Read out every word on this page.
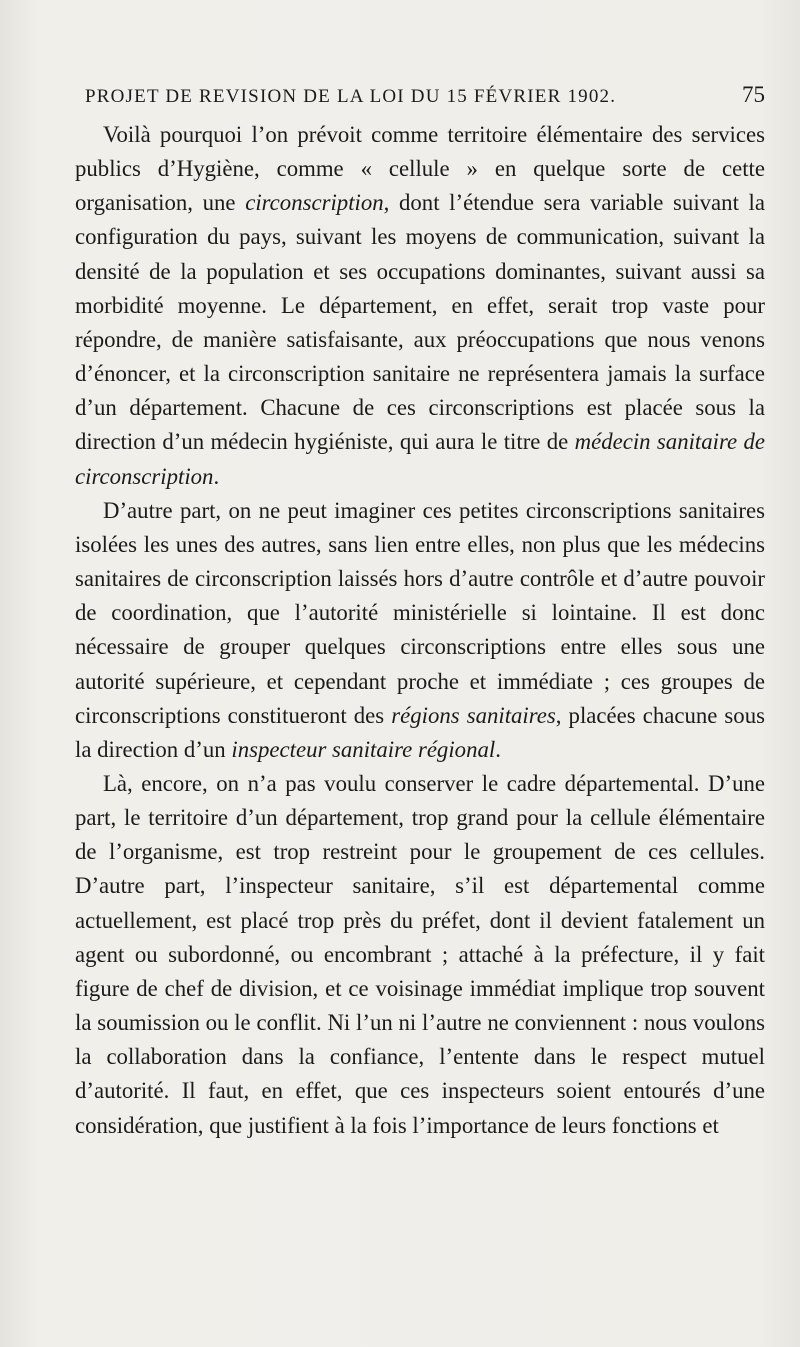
PROJET DE REVISION DE LA LOI DU 15 FÉVRIER 1902.	75

Voilà pourquoi l’on prévoit comme territoire élémentaire des services publics d’Hygiène, comme « cellule » en quelque sorte de cette organisation, une circonscription, dont l’étendue sera variable suivant la configuration du pays, suivant les moyens de communication, suivant la densité de la population et ses occupations dominantes, suivant aussi sa morbidité moyenne. Le département, en effet, serait trop vaste pour répondre, de manière satisfaisante, aux préoccupations que nous venons d’énoncer, et la circonscription sanitaire ne représentera jamais la surface d’un département. Chacune de ces circonscriptions est placée sous la direction d’un médecin hygiéniste, qui aura le titre de médecin sanitaire de circonscription.

D’autre part, on ne peut imaginer ces petites circonscriptions sanitaires isolées les unes des autres, sans lien entre elles, non plus que les médecins sanitaires de circonscription laissés hors d’autre contrôle et d’autre pouvoir de coordination, que l’autorité ministérielle si lointaine. Il est donc nécessaire de grouper quelques circonscriptions entre elles sous une autorité supérieure, et cependant proche et immédiate ; ces groupes de circonscriptions constitueront des régions sanitaires, placées chacune sous la direction d’un inspecteur sanitaire régional.

Là, encore, on n’a pas voulu conserver le cadre départemental. D’une part, le territoire d’un département, trop grand pour la cellule élémentaire de l’organisme, est trop restreint pour le groupement de ces cellules. D’autre part, l’inspecteur sanitaire, s’il est départemental comme actuellement, est placé trop près du préfet, dont il devient fatalement un agent ou subordonné, ou encombrant ; attaché à la préfecture, il y fait figure de chef de division, et ce voisinage immédiat implique trop souvent la soumission ou le conflit. Ni l’un ni l’autre ne conviennent : nous voulons la collaboration dans la confiance, l’entente dans le respect mutuel d’autorité. Il faut, en effet, que ces inspecteurs soient entourés d’une considération, que justifient à la fois l’importance de leurs fonctions et
